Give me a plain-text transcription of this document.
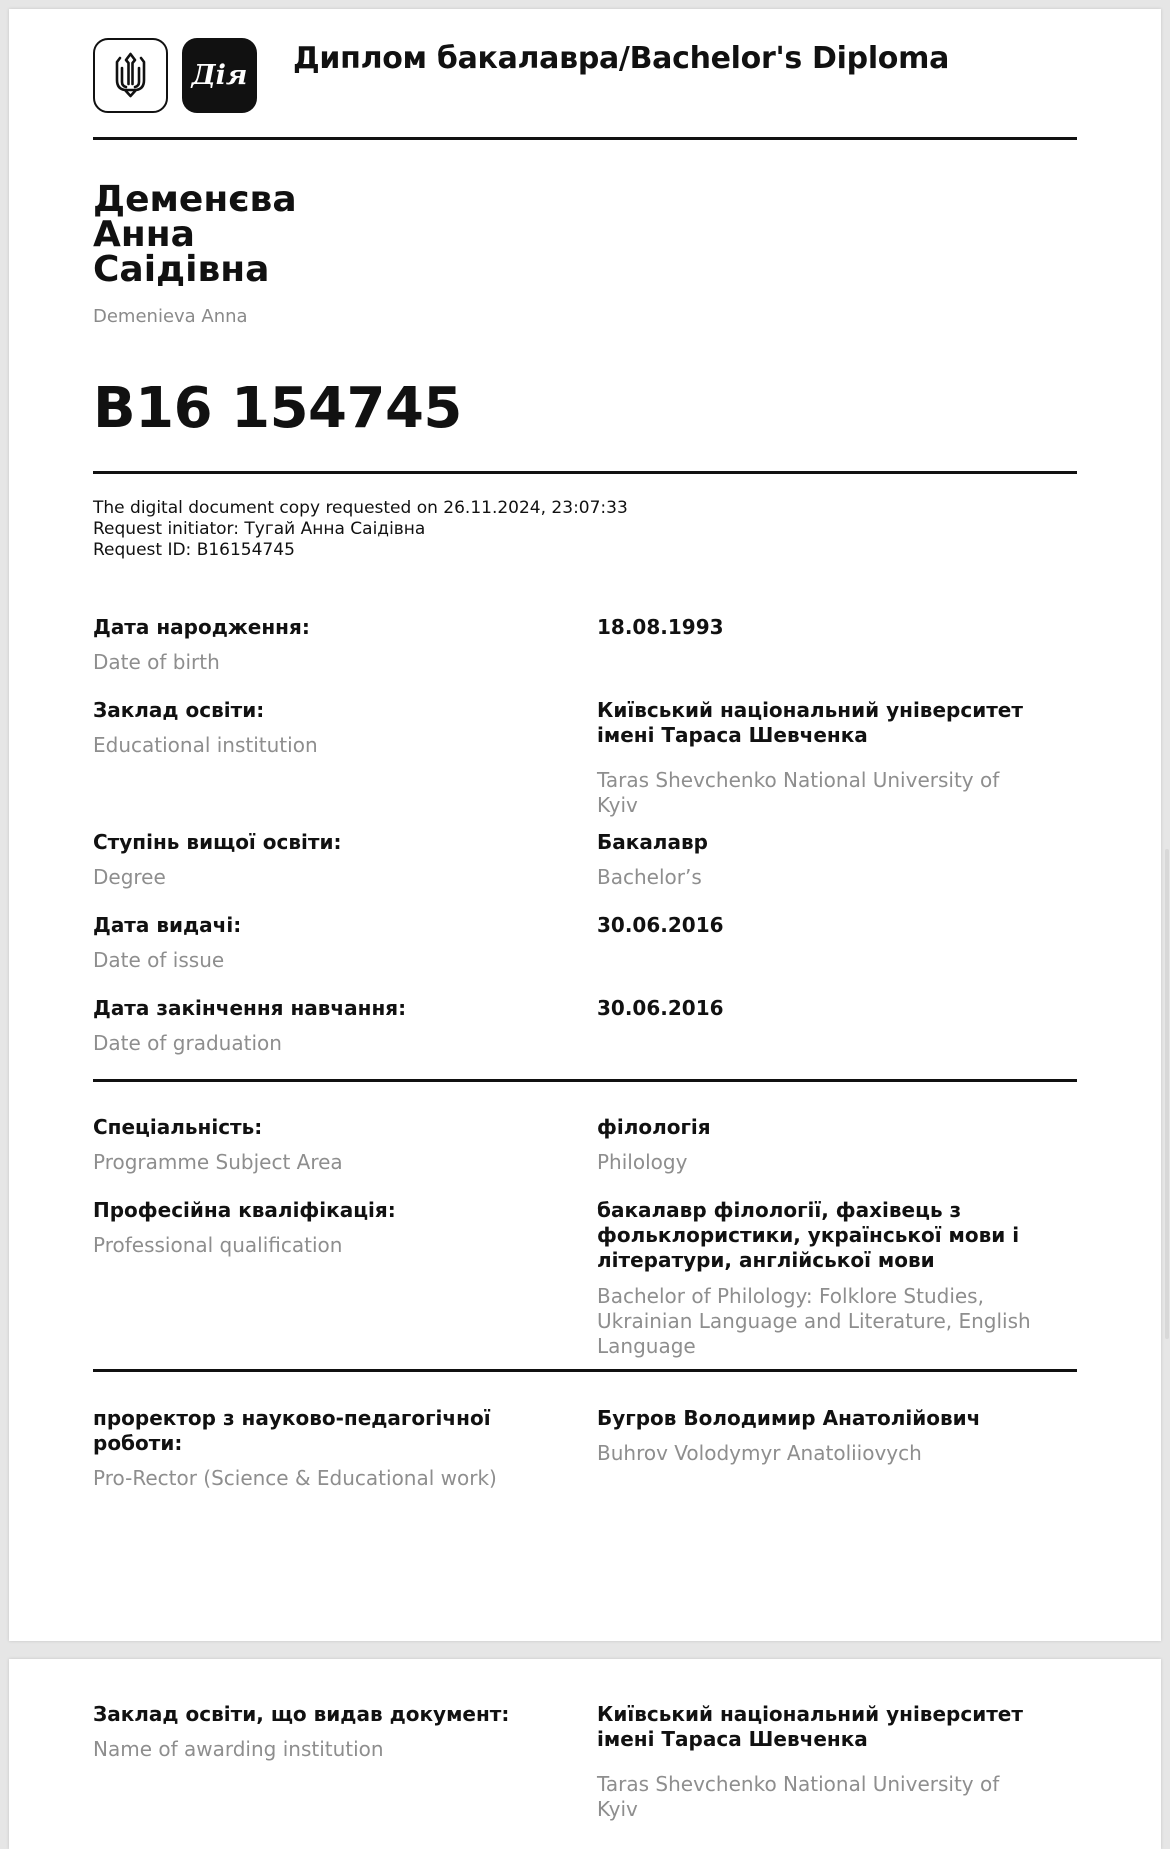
Дія Диплом бакалавра/Bachelor's Diploma
Деменєва
Анна
Саідівна
Demenieva Anna
В16 154745
The digital document copy requested on 26.11.2024, 23:07:33
Request initiator: Тугай Анна Саідівна
Request ID: B16154745
Дата народження:
Date of birth
18.08.1993
Заклад освіти:
Educational institution
Київський національний університет
імені Тараса Шевченка
Taras Shevchenko National University of
Kyiv
Ступінь вищої освіти:
Degree
Бакалавр
Bachelor’s
Дата видачі:
Date of issue
30.06.2016
Дата закінчення навчання:
Date of graduation
30.06.2016
Спеціальність:
Programme Subject Area
філологія
Philology
Професійна кваліфікація:
Professional qualification
бакалавр філології, фахівець з
фольклористики, української мови і
літератури, англійської мови
Bachelor of Philology: Folklore Studies,
Ukrainian Language and Literature, English
Language
проректор з науково-педагогічної
роботи:
Pro-Rector (Science & Educational work)
Бугров Володимир Анатолійович
Buhrov Volodymyr Anatoliiovych
Заклад освіти, що видав документ:
Name of awarding institution
Київський національний університет
імені Тараса Шевченка
Taras Shevchenko National University of
Kyiv
